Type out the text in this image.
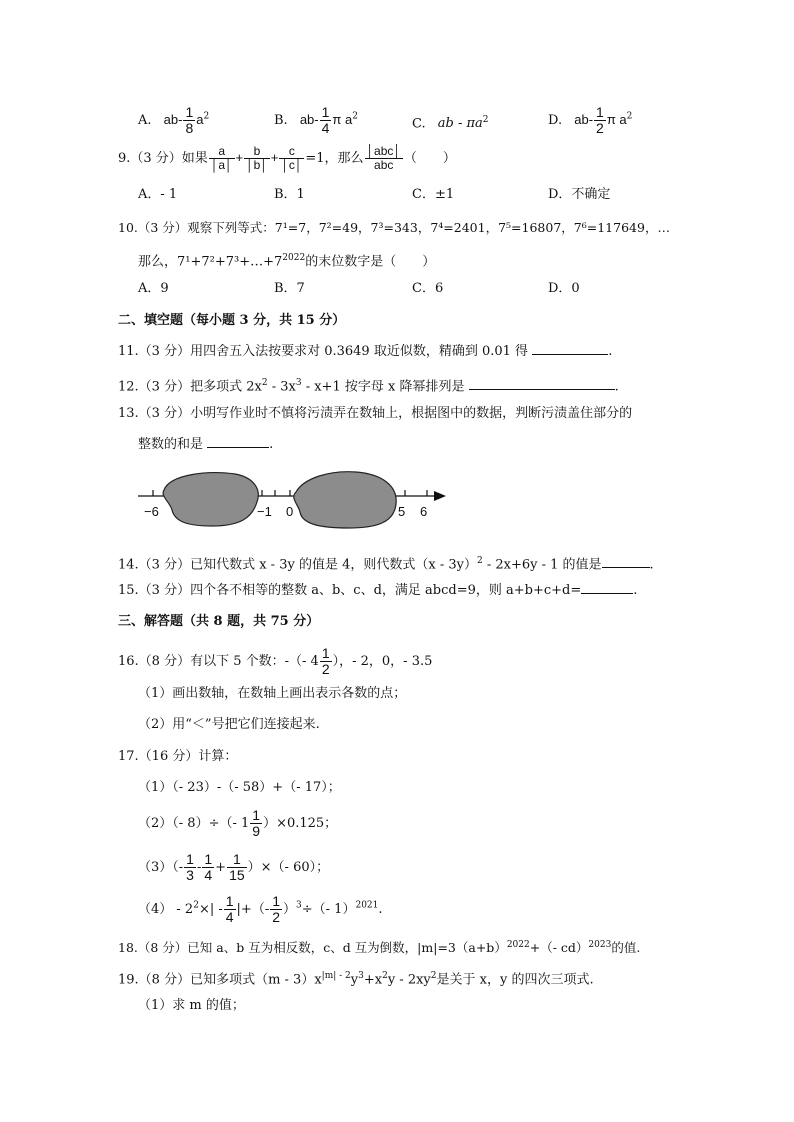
A. $ab- \frac{1}{8} a^2$	B. $ab- \frac{1}{4}$ π $a^2$	C. ab - $\pi a^2$	D. $ab- \frac{1}{2}$ π $a^2$
9.（3 分）如果 $\frac{a}{│a│} + \frac{b}{│b│} + \frac{c}{│c│} =1$，那么 $\frac{\text{│abc│}}{\text{abc}}$ （　　）
A．- 1	B．1	C．±1	D．不确定
10.（3 分）观察下列等式：7¹=7，7²=49，7³=343，7⁴=2401，7⁵=16807，7⁶=117649，…
那么，$7^1+7^2+7^3+\dots+7^{2022}$的末位数字是（　　）
A．9	B．7	C．6	D．0
二、填空题（每小题 3 分，共 15 分）
11.（3 分）用四舍五入法按要求对 0.3649 取近似数，精确到 0.01 得	.
12.（3 分）把多项式 $2x^2 - 3x^3 - x+1$ 按字母 x 降幂排列是	.
13.（3 分）小明写作业时不慎将污渍弄在数轴上，根据图中的数据，判断污渍盖住部分的
整数的和是	.
−6	−1 0	5 6
14.（3 分）已知代数式 x - 3y 的值是 4，则代数式（x - 3y）$^2$ - 2x+6y - 1 的值是	.
15.（3 分）四个各不相等的整数 a、b、c、d，满足 abcd=9，则 a+b+c+d=	.
三、解答题（共 8 题，共 75 分）
16.（8 分）有以下 5 个数：-（- $4 \frac{1}{2}$ ），- 2，0，- 3.5
（1）画出数轴，在数轴上画出表示各数的点；
（2）用“＜”号把它们连接起来.
17.（16 分）计算：
（1）（- 23）-（- 58）+（- 17）；
（2）（- 8）÷（- $1 \frac{1}{9} )\times 0.125$；
$(3)(- \frac{1}{3} - \frac{1}{4} + \frac{1}{15}$ ）×（- 60）；
$(4) - 2^2\times| - \frac{1}{4}$ |+（- $\frac{1}{2} )^3\div(-$ 1）$^{2021}$.
18.（8 分）已知 a、b 互为相反数，c、d 互为倒数，$|m|=3(a+b)^{2022}+(-$ cd）$^{2023}$的值.
19.（8 分）已知多项式$(m - 3)x^{|m| - 2}y^3+x^2y - 2xy^2$是关于 x，y 的四次三项式.
（1）求 m 的值；
